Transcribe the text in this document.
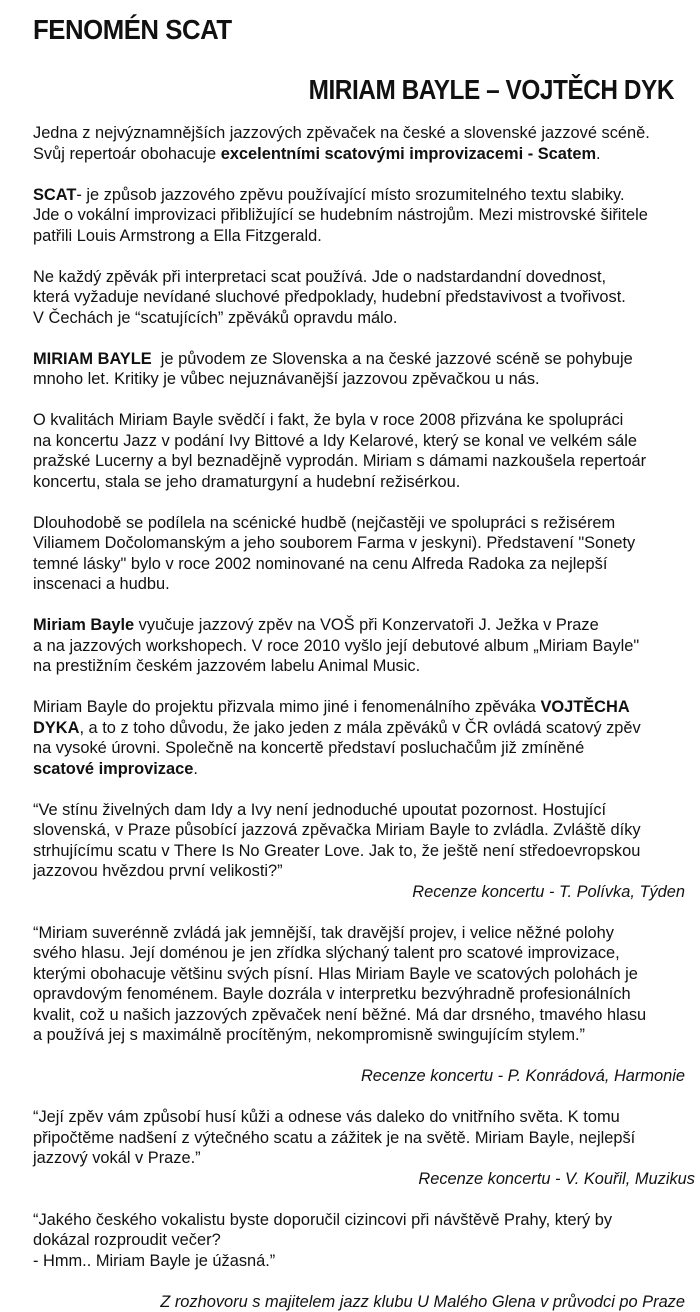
FENOMÉN SCAT
MIRIAM BAYLE – VOJTĚCH DYK
Jedna z nejvýznamnějších jazzových zpěvaček na české a slovenské jazzové scéně.
Svůj repertoár obohacuje excelentními scatovými improvizacemi - Scatem.
SCAT- je způsob jazzového zpěvu používající místo srozumitelného textu slabiky.
Jde o vokální improvizaci přibližující se hudebním nástrojům. Mezi mistrovské šiřitele
patřili Louis Armstrong a Ella Fitzgerald.
Ne každý zpěvák při interpretaci scat používá. Jde o nadstardandní dovednost,
která vyžaduje nevídané sluchové předpoklady, hudební představivost a tvořivost.
V Čechách je “scatujících” zpěváků opravdu málo.
MIRIAM BAYLE  je původem ze Slovenska a na české jazzové scéně se pohybuje
mnoho let. Kritiky je vůbec nejuznávanější jazzovou zpěvačkou u nás.
O kvalitách Miriam Bayle svědčí i fakt, že byla v roce 2008 přizvána ke spolupráci
na koncertu Jazz v podání Ivy Bittové a Idy Kelarové, který se konal ve velkém sále
pražské Lucerny a byl beznadějně vyprodán. Miriam s dámami nazkoušela repertoár
koncertu, stala se jeho dramaturgyní a hudební režisérkou.
Dlouhodobě se podílela na scénické hudbě (nejčastěji ve spolupráci s režisérem
Viliamem Dočolomanským a jeho souborem Farma v jeskyni). Představení "Sonety
temné lásky" bylo v roce 2002 nominované na cenu Alfreda Radoka za nejlepší
inscenaci a hudbu.
Miriam Bayle vyučuje jazzový zpěv na VOŠ při Konzervatoři J. Ježka v Praze
a na jazzových workshopech. V roce 2010 vyšlo její debutové album „Miriam Bayle"
na prestižním českém jazzovém labelu Animal Music.
Miriam Bayle do projektu přizvala mimo jiné i fenomenálního zpěváka VOJTĚCHA
DYKA, a to z toho důvodu, že jako jeden z mála zpěváků v ČR ovládá scatový zpěv
na vysoké úrovni. Společně na koncertě představí posluchačům již zmíněné
scatové improvizace.
“Ve stínu živelných dam Idy a Ivy není jednoduché upoutat pozornost. Hostující
slovenská, v Praze působící jazzová zpěvačka Miriam Bayle to zvládla. Zvláště díky
strhujícímu scatu v There Is No Greater Love. Jak to, že ještě není středoevropskou
jazzovou hvězdou první velikosti?”
Recenze koncertu - T. Polívka, Týden
“Miriam suverénně zvládá jak jemnější, tak dravější projev, i velice něžné polohy
svého hlasu. Její doménou je jen zřídka slýchaný talent pro scatové improvizace,
kterými obohacuje většinu svých písní. Hlas Miriam Bayle ve scatových polohách je
opravdovým fenoménem. Bayle dozrála v interpretku bezvýhradně profesionálních
kvalit, což u našich jazzových zpěvaček není běžné. Má dar drsného, tmavého hlasu
a používá jej s maximálně procítěným, nekompromisně swingujícím stylem.”
Recenze koncertu - P. Konrádová, Harmonie
“Její zpěv vám způsobí husí kůži a odnese vás daleko do vnitřního světa. K tomu
připočtěme nadšení z výtečného scatu a zážitek je na světě. Miriam Bayle, nejlepší
jazzový vokál v Praze.”
Recenze koncertu - V. Kouřil, Muzikus
“Jakého českého vokalistu byste doporučil cizincovi při návštěvě Prahy, který by
dokázal rozproudit večer?
- Hmm.. Miriam Bayle je úžasná.”
Z rozhovoru s majitelem jazz klubu U Malého Glena v průvodci po Praze
